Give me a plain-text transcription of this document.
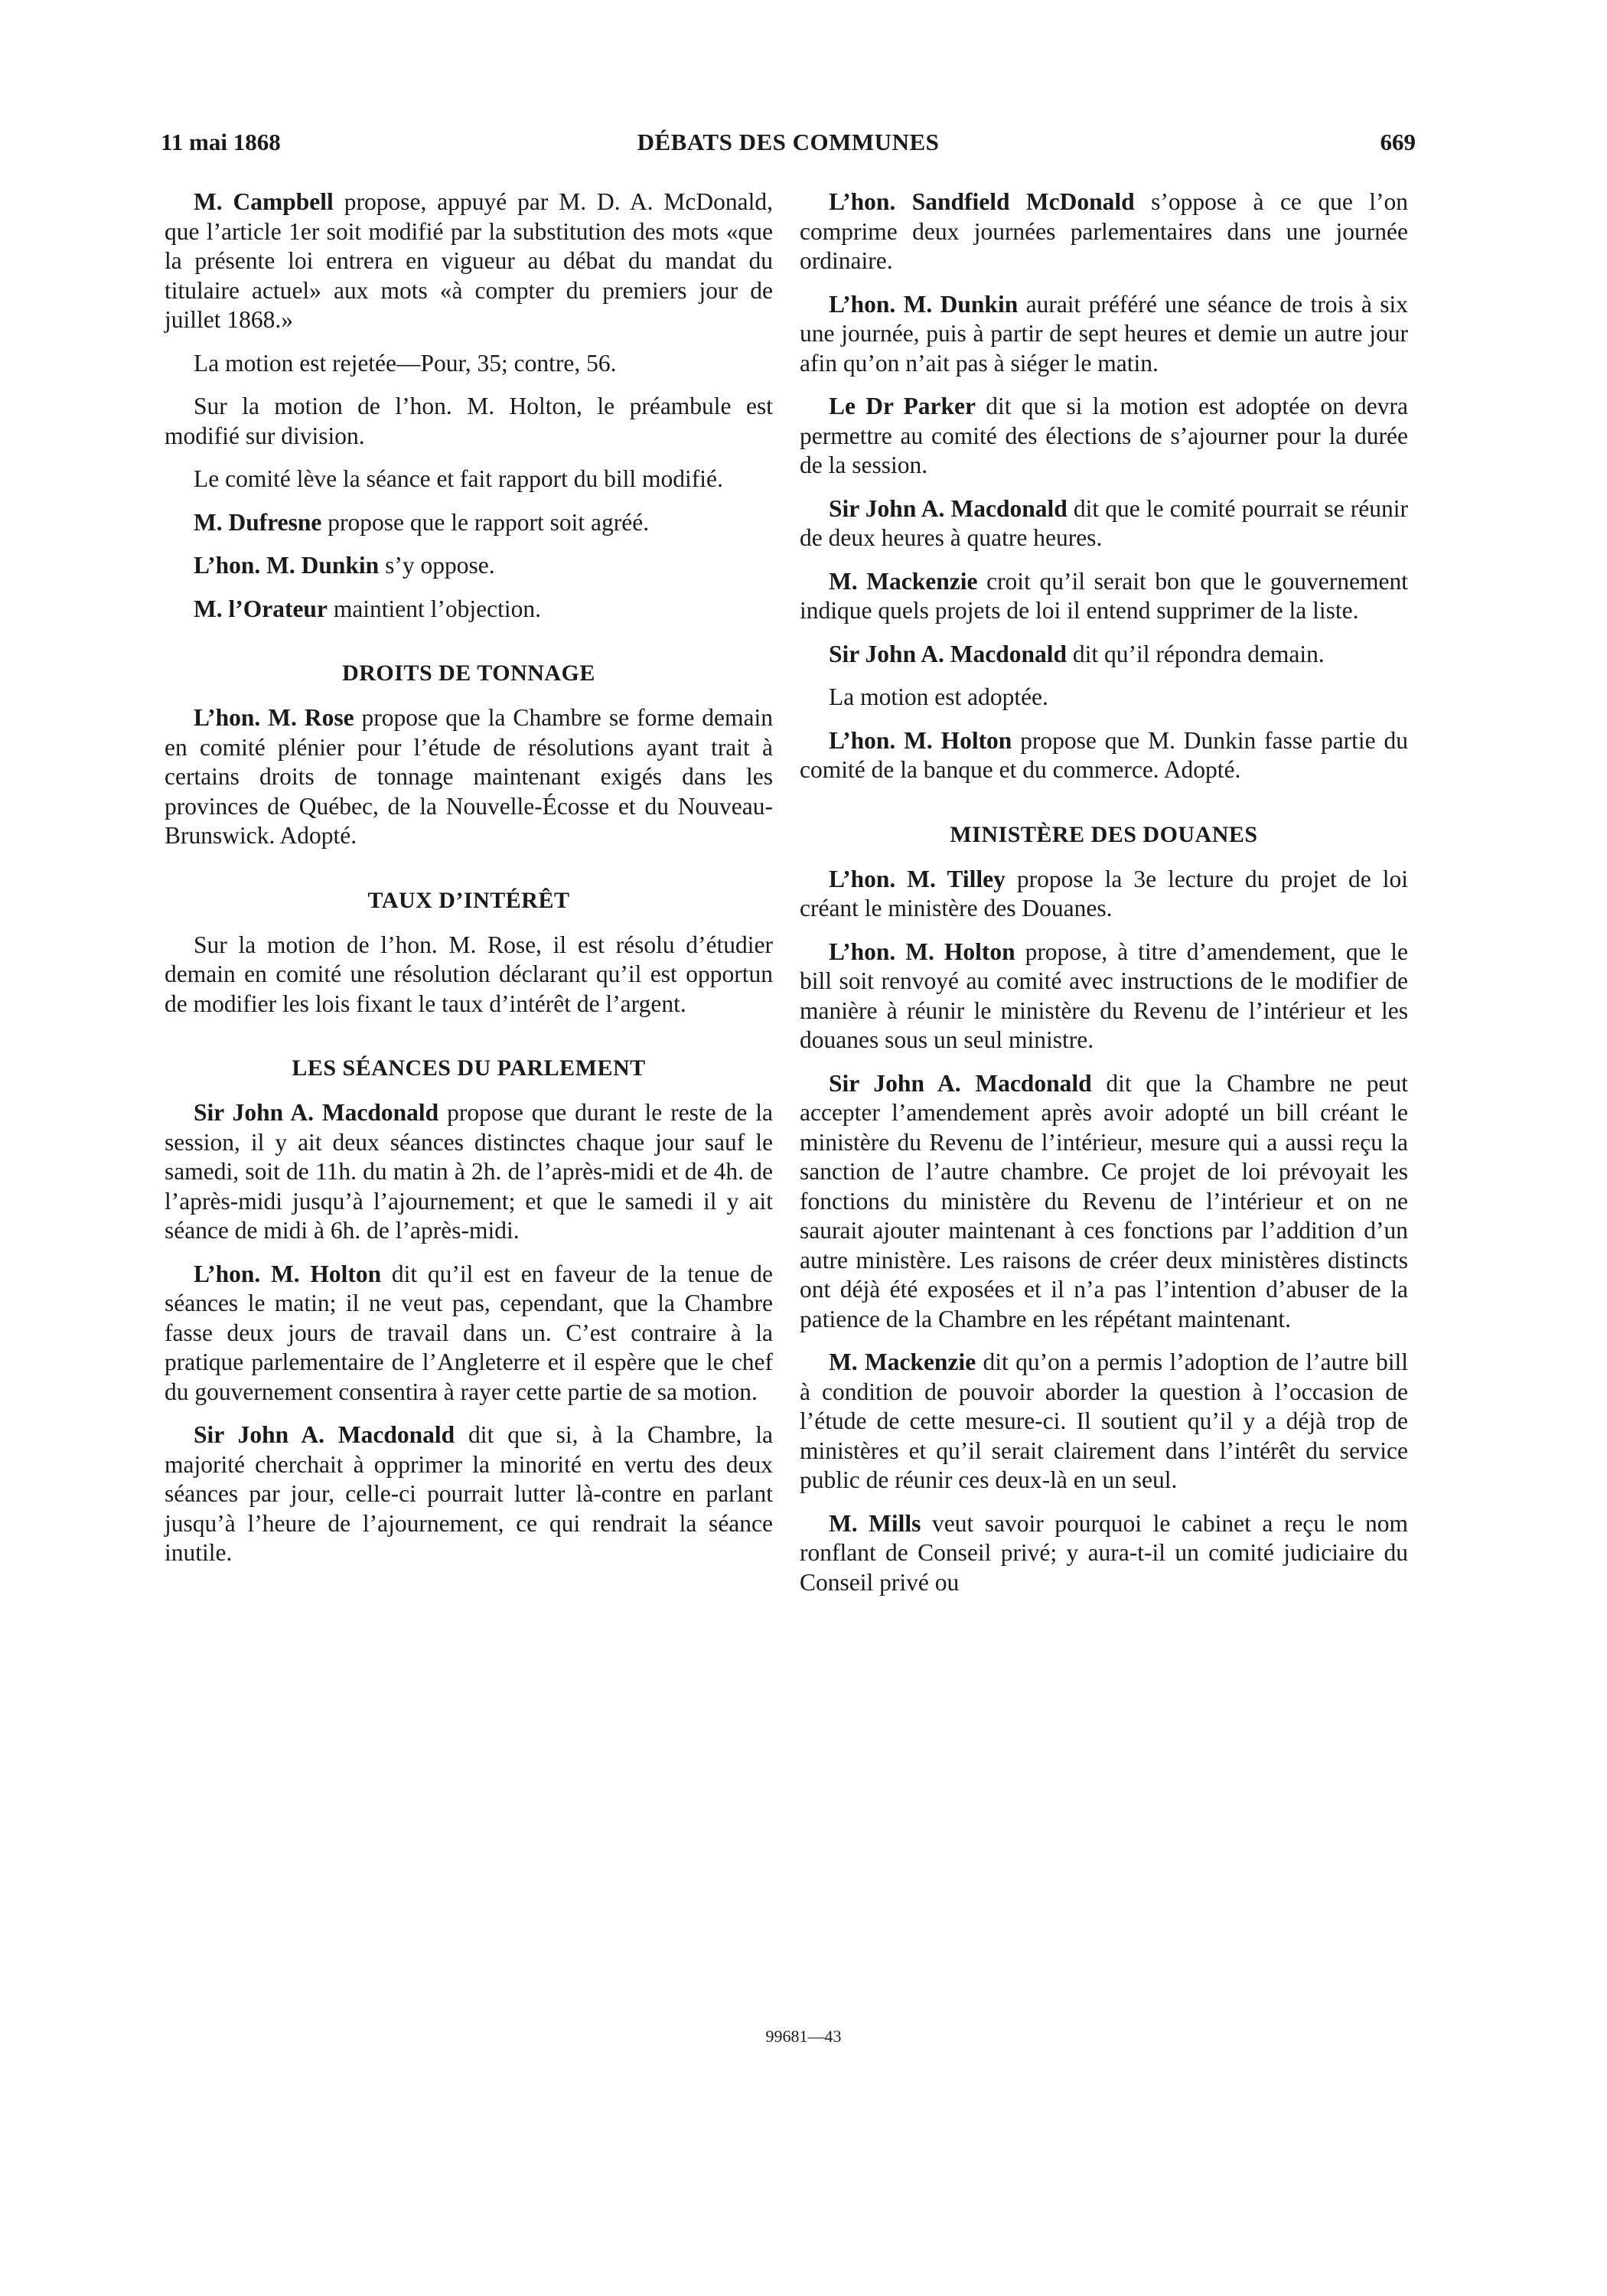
DÉBATS DES COMMUNES
11 mai 1868	669

M. Campbell propose, appuyé par M. D. A. McDonald, que l’article 1er soit modifié par la substitution des mots «que la présente loi entrera en vigueur au débat du mandat du titulaire actuel» aux mots «à compter du premiers jour de juillet 1868.»

La motion est rejetée—Pour, 35; contre, 56.

Sur la motion de l’hon. M. Holton, le préambule est modifié sur division.

Le comité lève la séance et fait rapport du bill modifié.

M. Dufresne propose que le rapport soit agréé.

L’hon. M. Dunkin s’y oppose.

M. l’Orateur maintient l’objection.

DROITS DE TONNAGE

L’hon. M. Rose propose que la Chambre se forme demain en comité plénier pour l’étude de résolutions ayant trait à certains droits de tonnage maintenant exigés dans les provinces de Québec, de la Nouvelle-Écosse et du Nouveau-Brunswick. Adopté.

TAUX D’INTÉRÊT

Sur la motion de l’hon. M. Rose, il est résolu d’étudier demain en comité une résolution déclarant qu’il est opportun de modifier les lois fixant le taux d’intérêt de l’argent.

LES SÉANCES DU PARLEMENT

Sir John A. Macdonald propose que durant le reste de la session, il y ait deux séances distinctes chaque jour sauf le samedi, soit de 11h. du matin à 2h. de l’après-midi et de 4h. de l’après-midi jusqu’à l’ajournement; et que le samedi il y ait séance de midi à 6h. de l’après-midi.

L’hon. M. Holton dit qu’il est en faveur de la tenue de séances le matin; il ne veut pas, cependant, que la Chambre fasse deux jours de travail dans un. C’est contraire à la pratique parlementaire de l’Angleterre et il espère que le chef du gouvernement consentira à rayer cette partie de sa motion.

Sir John A. Macdonald dit que si, à la Chambre, la majorité cherchait à opprimer la minorité en vertu des deux séances par jour, celle-ci pourrait lutter là-contre en parlant jusqu’à l’heure de l’ajournement, ce qui rendrait la séance inutile.

L’hon. Sandfield McDonald s’oppose à ce que l’on comprime deux journées parlementaires dans une journée ordinaire.

L’hon. M. Dunkin aurait préféré une séance de trois à six une journée, puis à partir de sept heures et demie un autre jour afin qu’on n’ait pas à siéger le matin.

Le Dr Parker dit que si la motion est adoptée on devra permettre au comité des élections de s’ajourner pour la durée de la session.

Sir John A. Macdonald dit que le comité pourrait se réunir de deux heures à quatre heures.

M. Mackenzie croit qu’il serait bon que le gouvernement indique quels projets de loi il entend supprimer de la liste.

Sir John A. Macdonald dit qu’il répondra demain.

La motion est adoptée.

L’hon. M. Holton propose que M. Dunkin fasse partie du comité de la banque et du commerce. Adopté.

MINISTÈRE DES DOUANES

L’hon. M. Tilley propose la 3e lecture du projet de loi créant le ministère des Douanes.

L’hon. M. Holton propose, à titre d’amendement, que le bill soit renvoyé au comité avec instructions de le modifier de manière à réunir le ministère du Revenu de l’intérieur et les douanes sous un seul ministre.

Sir John A. Macdonald dit que la Chambre ne peut accepter l’amendement après avoir adopté un bill créant le ministère du Revenu de l’intérieur, mesure qui a aussi reçu la sanction de l’autre chambre. Ce projet de loi prévoyait les fonctions du ministère du Revenu de l’intérieur et on ne saurait ajouter maintenant à ces fonctions par l’addition d’un autre ministère. Les raisons de créer deux ministères distincts ont déjà été exposées et il n’a pas l’intention d’abuser de la patience de la Chambre en les répétant maintenant.

M. Mackenzie dit qu’on a permis l’adoption de l’autre bill à condition de pouvoir aborder la question à l’occasion de l’étude de cette mesure-ci. Il soutient qu’il y a déjà trop de ministères et qu’il serait clairement dans l’intérêt du service public de réunir ces deux-là en un seul.

M. Mills veut savoir pourquoi le cabinet a reçu le nom ronflant de Conseil privé; y aura-t-il un comité judiciaire du Conseil privé ou

99681—43
